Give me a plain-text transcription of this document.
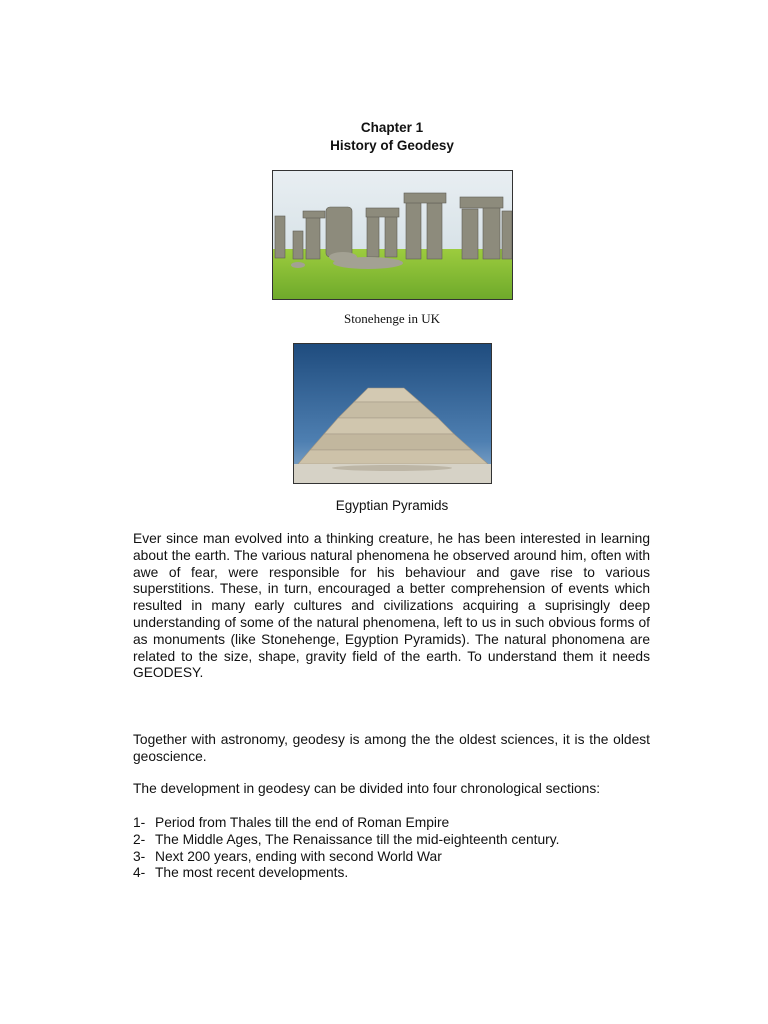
Chapter 1
History of Geodesy
Stonehenge in UK
Egyptian Pyramids

Ever since man evolved into a thinking creature, he has been interested in learning about the earth. The various natural phenomena he observed around him, often with awe of fear, were responsible for his behaviour and gave rise to various superstitions. These, in turn, encouraged a better comprehension of events which resulted in many early cultures and civilizations acquiring a suprisingly deep understanding of some of the natural phenomena, left to us in such obvious forms of as monuments (like Stonehenge, Egyption Pyramids). The natural phonomena are related to the size, shape, gravity field of the earth. To understand them it needs GEODESY.

Together with astronomy, geodesy is among the the oldest sciences, it is the oldest geoscience.

The development in geodesy can be divided into four chronological sections:

1- Period from Thales till the end of Roman Empire
2- The Middle Ages, The Renaissance till the mid-eighteenth century.
3- Next 200 years, ending with second World War
4- The most recent developments.
